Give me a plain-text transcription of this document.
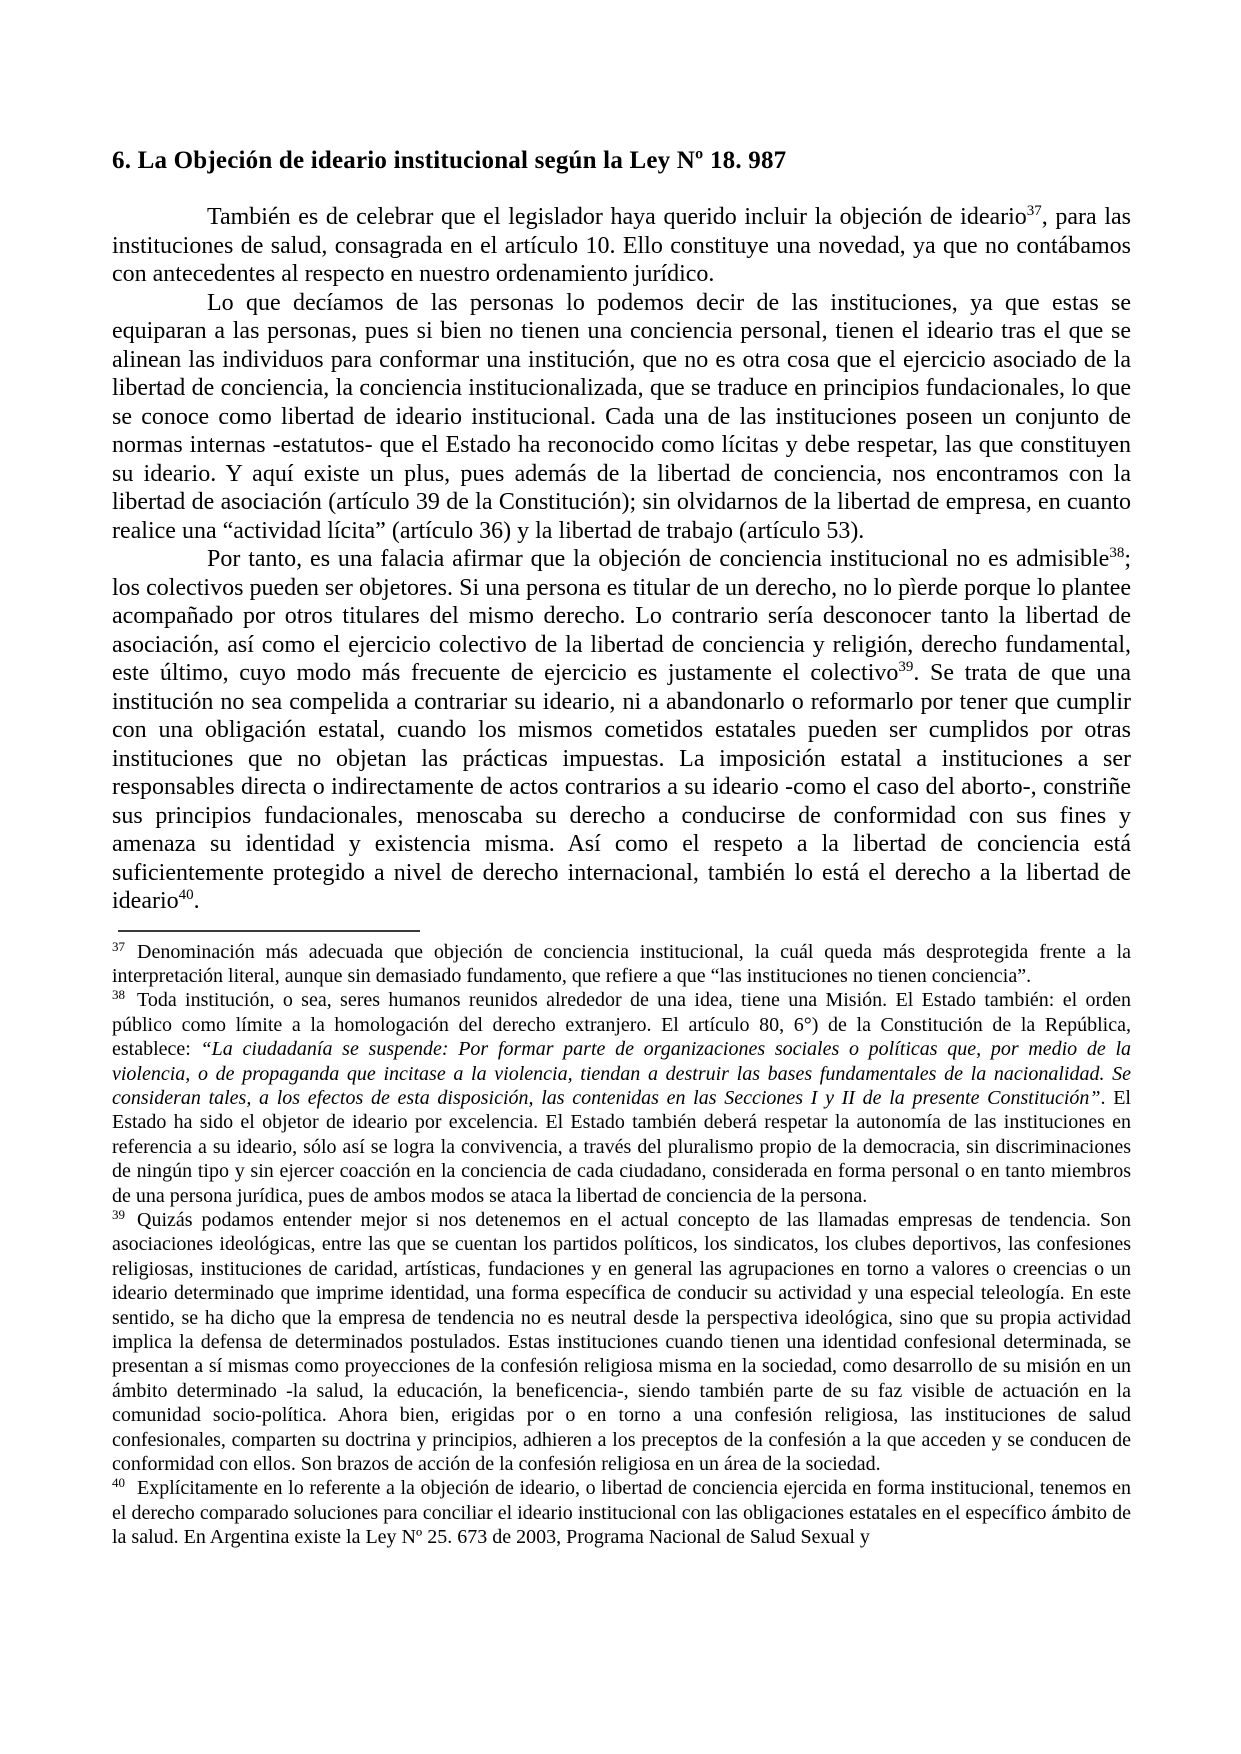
6. La Objeción de ideario institucional según la Ley Nº 18. 987

También es de celebrar que el legislador haya querido incluir la objeción de ideario$^{37}$, para las instituciones de salud, consagrada en el artículo 10. Ello constituye una novedad, ya que no contábamos con antecedentes al respecto en nuestro ordenamiento jurídico.

Lo que decíamos de las personas lo podemos decir de las instituciones, ya que estas se equiparan a las personas, pues si bien no tienen una conciencia personal, tienen el ideario tras el que se alinean las individuos para conformar una institución, que no es otra cosa que el ejercicio asociado de la libertad de conciencia, la conciencia institucionalizada, que se traduce en principios fundacionales, lo que se conoce como libertad de ideario institucional. Cada una de las instituciones poseen un conjunto de normas internas -estatutos- que el Estado ha reconocido como lícitas y debe respetar, las que constituyen su ideario. Y aquí existe un plus, pues además de la libertad de conciencia, nos encontramos con la libertad de asociación (artículo 39 de la Constitución); sin olvidarnos de la libertad de empresa, en cuanto realice una “actividad lícita” (artículo 36) y la libertad de trabajo (artículo 53).

Por tanto, es una falacia afirmar que la objeción de conciencia institucional no es admisible$^{38}$; los colectivos pueden ser objetores. Si una persona es titular de un derecho, no lo pìerde porque lo plantee acompañado por otros titulares del mismo derecho. Lo contrario sería desconocer tanto la libertad de asociación, así como el ejercicio colectivo de la libertad de conciencia y religión, derecho fundamental, este último, cuyo modo más frecuente de ejercicio es justamente el colectivo$^{39}$. Se trata de que una institución no sea compelida a contrariar su ideario, ni a abandonarlo o reformarlo por tener que cumplir con una obligación estatal, cuando los mismos cometidos estatales pueden ser cumplidos por otras instituciones que no objetan las prácticas impuestas. La imposición estatal a instituciones a ser responsables directa o indirectamente de actos contrarios a su ideario -como el caso del aborto-, constriñe sus principios fundacionales, menoscaba su derecho a conducirse de conformidad con sus fines y amenaza su identidad y existencia misma. Así como el respeto a la libertad de conciencia está suficientemente protegido a nivel de derecho internacional, también lo está el derecho a la libertad de ideario$^{40}$.

$^{37}$ Denominación más adecuada que objeción de conciencia institucional, la cuál queda más desprotegida frente a la interpretación literal, aunque sin demasiado fundamento, que refiere a que “las instituciones no tienen conciencia”.

$^{38}$ Toda institución, o sea, seres humanos reunidos alrededor de una idea, tiene una Misión. El Estado también: el orden público como límite a la homologación del derecho extranjero. El artículo 80, 6°) de la Constitución de la República, establece: “La ciudadanía se suspende: Por formar parte de organizaciones sociales o políticas que, por medio de la violencia, o de propaganda que incitase a la violencia, tiendan a destruir las bases fundamentales de la nacionalidad. Se consideran tales, a los efectos de esta disposición, las contenidas en las Secciones I y II de la presente Constitución”. El Estado ha sido el objetor de ideario por excelencia. El Estado también deberá respetar la autonomía de las instituciones en referencia a su ideario, sólo así se logra la convivencia, a través del pluralismo propio de la democracia, sin discriminaciones de ningún tipo y sin ejercer coacción en la conciencia de cada ciudadano, considerada en forma personal o en tanto miembros de una persona jurídica, pues de ambos modos se ataca la libertad de conciencia de la persona.

$^{39}$ Quizás podamos entender mejor si nos detenemos en el actual concepto de las llamadas empresas de tendencia. Son asociaciones ideológicas, entre las que se cuentan los partidos políticos, los sindicatos, los clubes deportivos, las confesiones religiosas, instituciones de caridad, artísticas, fundaciones y en general las agrupaciones en torno a valores o creencias o un ideario determinado que imprime identidad, una forma específica de conducir su actividad y una especial teleología. En este sentido, se ha dicho que la empresa de tendencia no es neutral desde la perspectiva ideológica, sino que su propia actividad implica la defensa de determinados postulados. Estas instituciones cuando tienen una identidad confesional determinada, se presentan a sí mismas como proyecciones de la confesión religiosa misma en la sociedad, como desarrollo de su misión en un ámbito determinado -la salud, la educación, la beneficencia-, siendo también parte de su faz visible de actuación en la comunidad socio-política. Ahora bien, erigidas por o en torno a una confesión religiosa, las instituciones de salud confesionales, comparten su doctrina y principios, adhieren a los preceptos de la confesión a la que acceden y se conducen de conformidad con ellos. Son brazos de acción de la confesión religiosa en un área de la sociedad.

$^{40}$ Explícitamente en lo referente a la objeción de ideario, o libertad de conciencia ejercida en forma institucional, tenemos en el derecho comparado soluciones para conciliar el ideario institucional con las obligaciones estatales en el específico ámbito de la salud. En Argentina existe la Ley Nº 25. 673 de 2003, Programa Nacional de Salud Sexual y
